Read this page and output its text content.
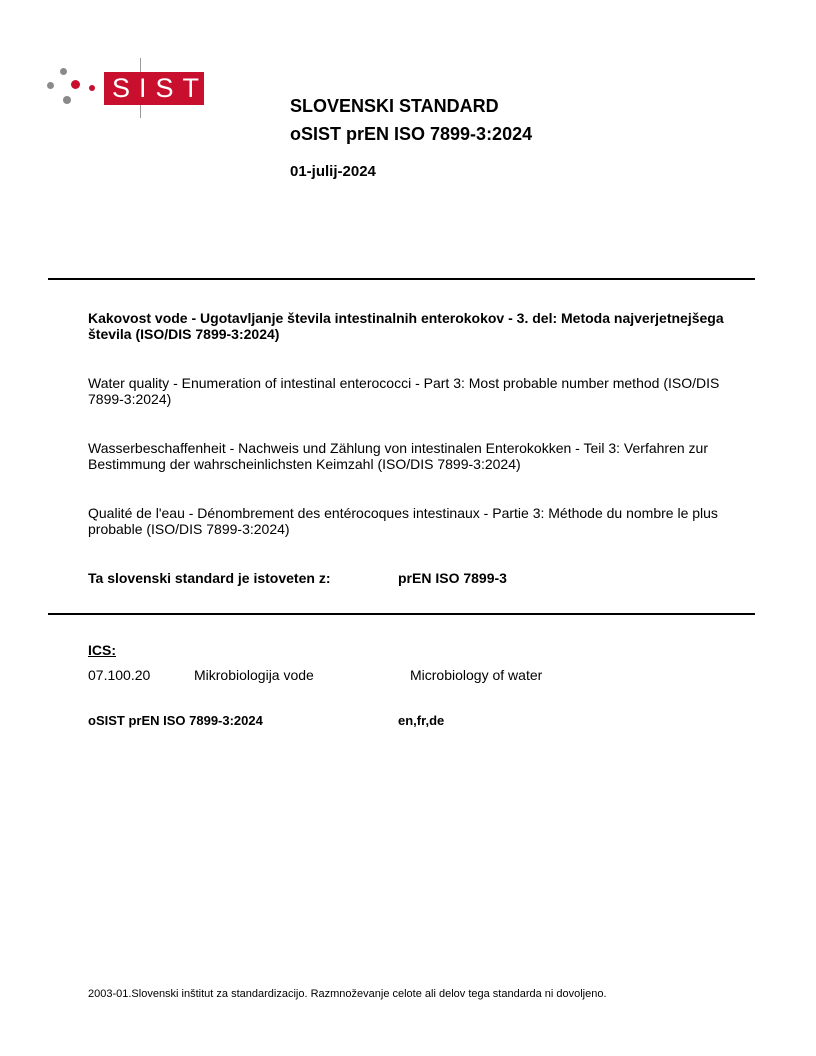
SIST
SLOVENSKI STANDARD
oSIST prEN ISO 7899-3:2024
01-julij-2024
Kakovost vode - Ugotavljanje števila intestinalnih enterokokov - 3. del: Metoda najverjetnejšega števila (ISO/DIS 7899-3:2024)
Water quality - Enumeration of intestinal enterococci - Part 3: Most probable number method (ISO/DIS 7899-3:2024)
Wasserbeschaffenheit - Nachweis und Zählung von intestinalen Enterokokken - Teil 3: Verfahren zur Bestimmung der wahrscheinlichsten Keimzahl (ISO/DIS 7899-3:2024)
Qualité de l'eau - Dénombrement des entérocoques intestinaux - Partie 3: Méthode du nombre le plus probable (ISO/DIS 7899-3:2024)
Ta slovenski standard je istoveten z:	prEN ISO 7899-3
ICS:
07.100.20	Mikrobiologija vode	Microbiology of water
oSIST prEN ISO 7899-3:2024	en,fr,de
2003-01.Slovenski inštitut za standardizacijo. Razmnoževanje celote ali delov tega standarda ni dovoljeno.
